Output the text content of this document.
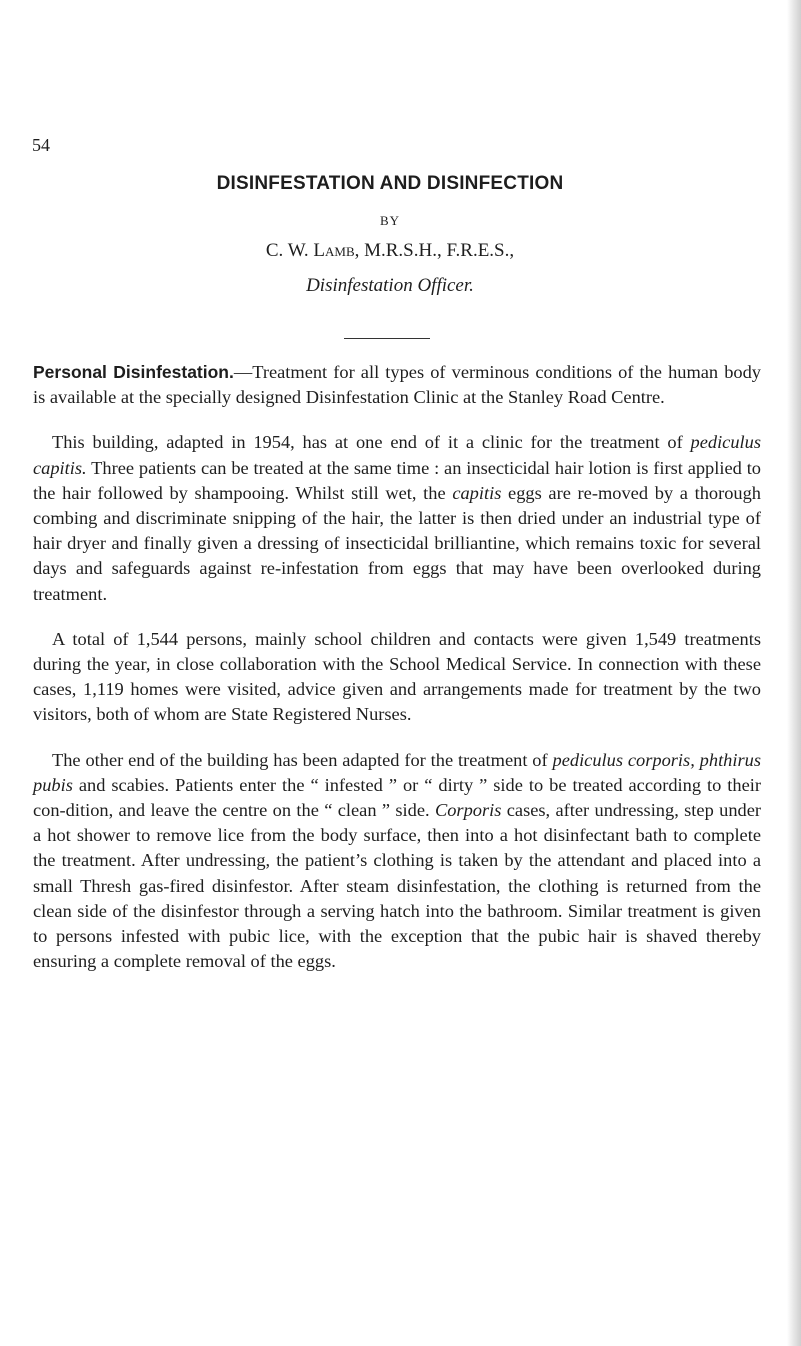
54
DISINFESTATION AND DISINFECTION
BY
C. W. Lamb, M.R.S.H., F.R.E.S.,
Disinfestation Officer.

Personal Disinfestation.—Treatment for all types of verminous conditions of the human body is available at the specially designed Disinfestation Clinic at the Stanley Road Centre.

This building, adapted in 1954, has at one end of it a clinic for the treatment of pediculus capitis. Three patients can be treated at the same time : an insecticidal hair lotion is first applied to the hair followed by shampooing. Whilst still wet, the capitis eggs are re-moved by a thorough combing and discriminate snipping of the hair, the latter is then dried under an industrial type of hair dryer and finally given a dressing of insecticidal brilliantine, which remains toxic for several days and safeguards against re-infestation from eggs that may have been overlooked during treatment.

A total of 1,544 persons, mainly school children and contacts were given 1,549 treatments during the year, in close collaboration with the School Medical Service. In connection with these cases, 1,119 homes were visited, advice given and arrangements made for treatment by the two visitors, both of whom are State Registered Nurses.

The other end of the building has been adapted for the treatment of pediculus corporis, phthirus pubis and scabies. Patients enter the “ infested ” or “ dirty ” side to be treated according to their con-dition, and leave the centre on the “ clean ” side. Corporis cases, after undressing, step under a hot shower to remove lice from the body surface, then into a hot disinfectant bath to complete the treatment. After undressing, the patient’s clothing is taken by the attendant and placed into a small Thresh gas-fired disinfestor. After steam disinfestation, the clothing is returned from the clean side of the disinfestor through a serving hatch into the bathroom. Similar treatment is given to persons infested with pubic lice, with the exception that the pubic hair is shaved thereby ensuring a complete removal of the eggs.
